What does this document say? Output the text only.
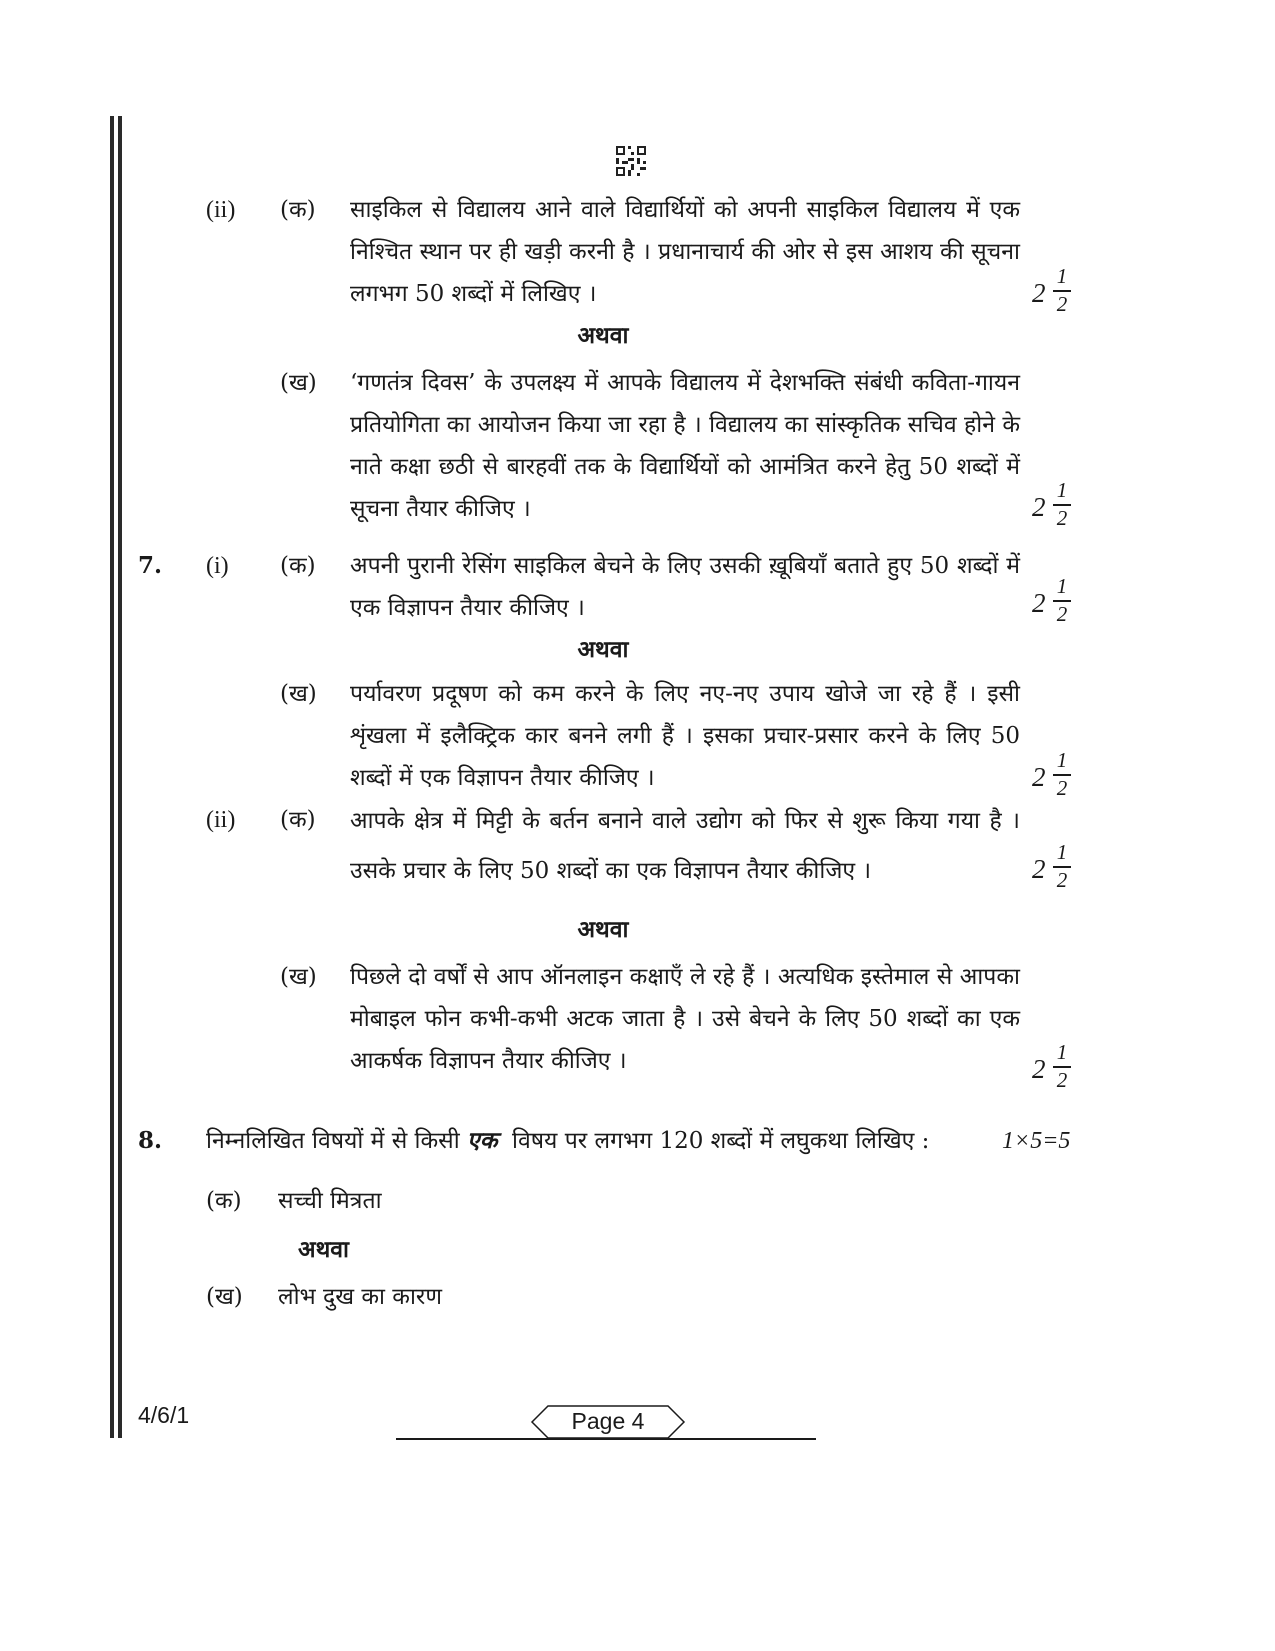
(ii) (क) साइकिल से विद्यालय आने वाले विद्यार्थियों को अपनी साइकिल विद्यालय में एक निश्चित स्थान पर ही खड़ी करनी है । प्रधानाचार्य की ओर से इस आशय की सूचना लगभग 50 शब्दों में लिखिए ।	2
1
2
अथवा
(ख) ‘गणतंत्र दिवस’ के उपलक्ष्य में आपके विद्यालय में देशभक्ति संबंधी कविता-गायन प्रतियोगिता का आयोजन किया जा रहा है । विद्यालय का सांस्कृतिक सचिव होने के नाते कक्षा छठी से बारहवीं तक के विद्यार्थियों को आमंत्रित करने हेतु 50 शब्दों में सूचना तैयार कीजिए ।	2
1
2
7. (i) (क) अपनी पुरानी रेसिंग साइकिल बेचने के लिए उसकी ख़ूबियाँ बताते हुए 50 शब्दों में एक विज्ञापन तैयार कीजिए ।	2
1
2
अथवा
(ख) पर्यावरण प्रदूषण को कम करने के लिए नए-नए उपाय खोजे जा रहे हैं । इसी शृंखला में इलैक्ट्रिक कार बनने लगी हैं । इसका प्रचार-प्रसार करने के लिए 50 शब्दों में एक विज्ञापन तैयार कीजिए ।	2
1
2
(ii) (क) आपके क्षेत्र में मिट्टी के बर्तन बनाने वाले उद्योग को फिर से शुरू किया गया है । उसके प्रचार के लिए 50 शब्दों का एक विज्ञापन तैयार कीजिए ।	2
1
2
अथवा
(ख) पिछले दो वर्षों से आप ऑनलाइन कक्षाएँ ले रहे हैं । अत्यधिक इस्तेमाल से आपका मोबाइल फोन कभी-कभी अटक जाता है । उसे बेचने के लिए 50 शब्दों का एक आकर्षक विज्ञापन तैयार कीजिए ।	2
1
2
8. निम्नलिखित विषयों में से किसी एक  विषय पर लगभग 120 शब्दों में लघुकथा लिखिए :	1×5=5
(क) सच्ची मित्रता
अथवा
(ख) लोभ दुख का कारण
4/6/1	Page 4
